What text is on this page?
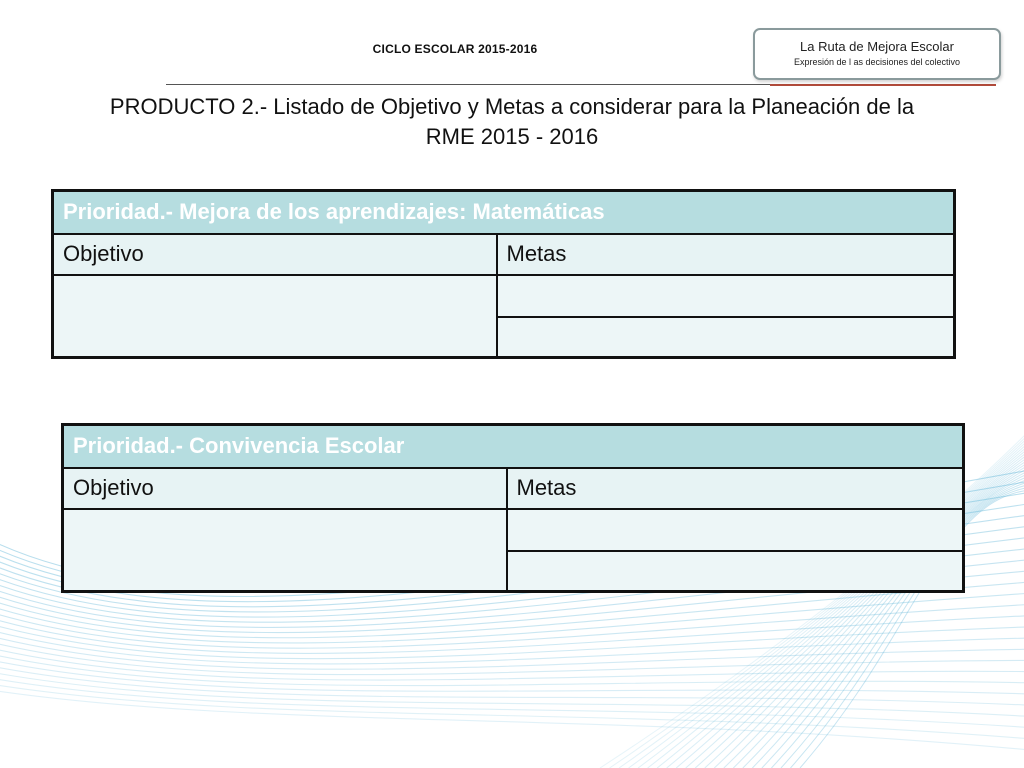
CICLO ESCOLAR 2015-2016	La Ruta de Mejora Escolar
Expresión de l as decisiones del colectivo
PRODUCTO 2.- Listado de Objetivo y Metas a considerar para la Planeación de la
RME 2015 - 2016
Prioridad.- Mejora de los aprendizajes: Matemáticas	
Objetivo	Metas

Prioridad.- Convivencia Escolar	
Objetivo	Metas
